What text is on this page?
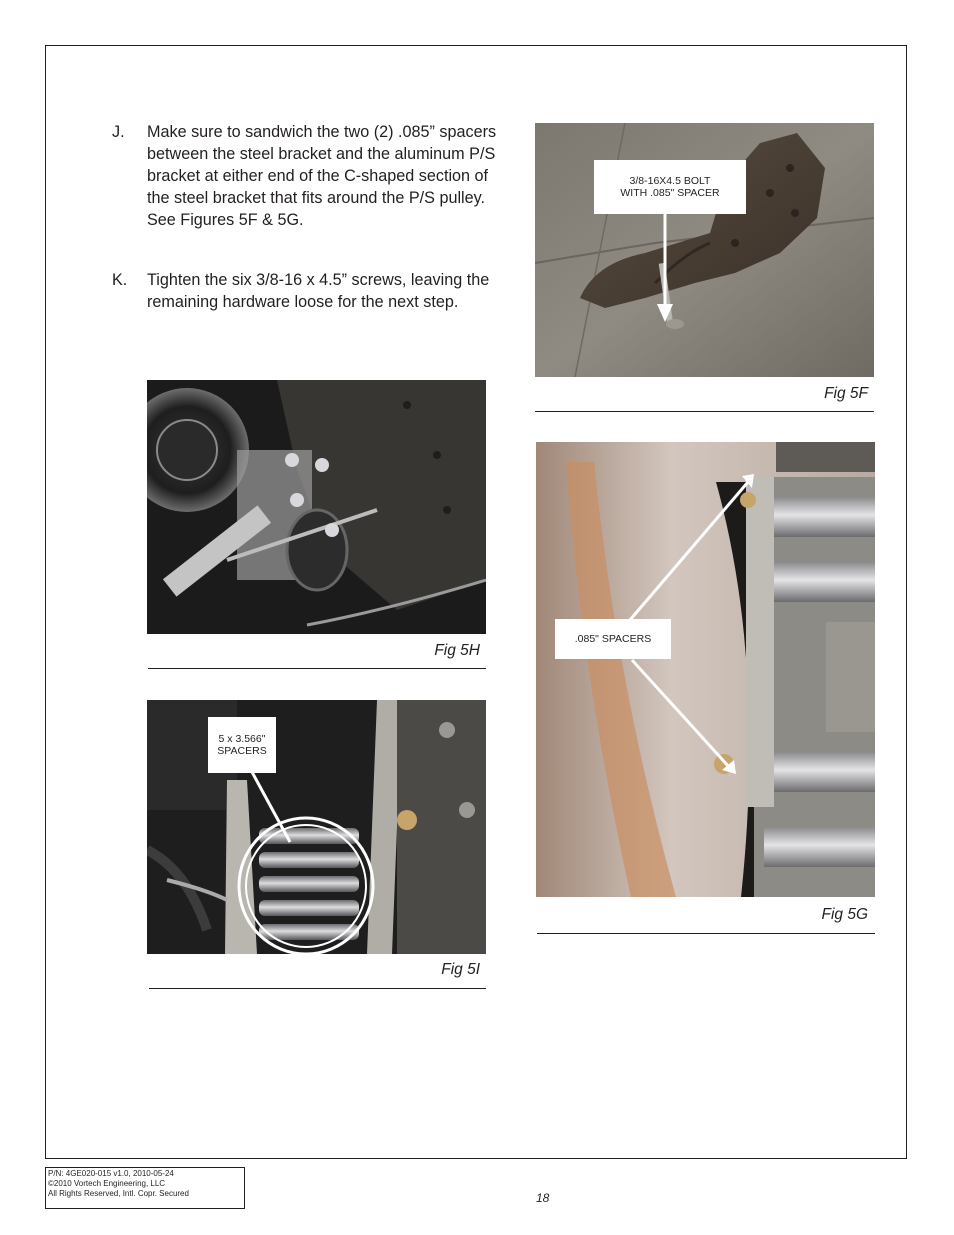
J. Make sure to sandwich the two (2) .085” spacers between the steel bracket and the aluminum P/S bracket at either end of the C-shaped section of the steel bracket that fits around the P/S pulley. See Figures 5F & 5G.
K. Tighten the six 3/8-16 x 4.5” screws, leaving the remaining hardware loose for the next step.
3/8-16X4.5 BOLT
WITH .085" SPACER
Fig 5F
.085" SPACERS
Fig 5G
Fig 5H
5 x 3.566"
SPACERS
Fig 5I
P/N: 4GE020-015 v1.0, 2010-05-24
©2010 Vortech Engineering, LLC
All Rights Reserved, Intl. Copr. Secured	18
